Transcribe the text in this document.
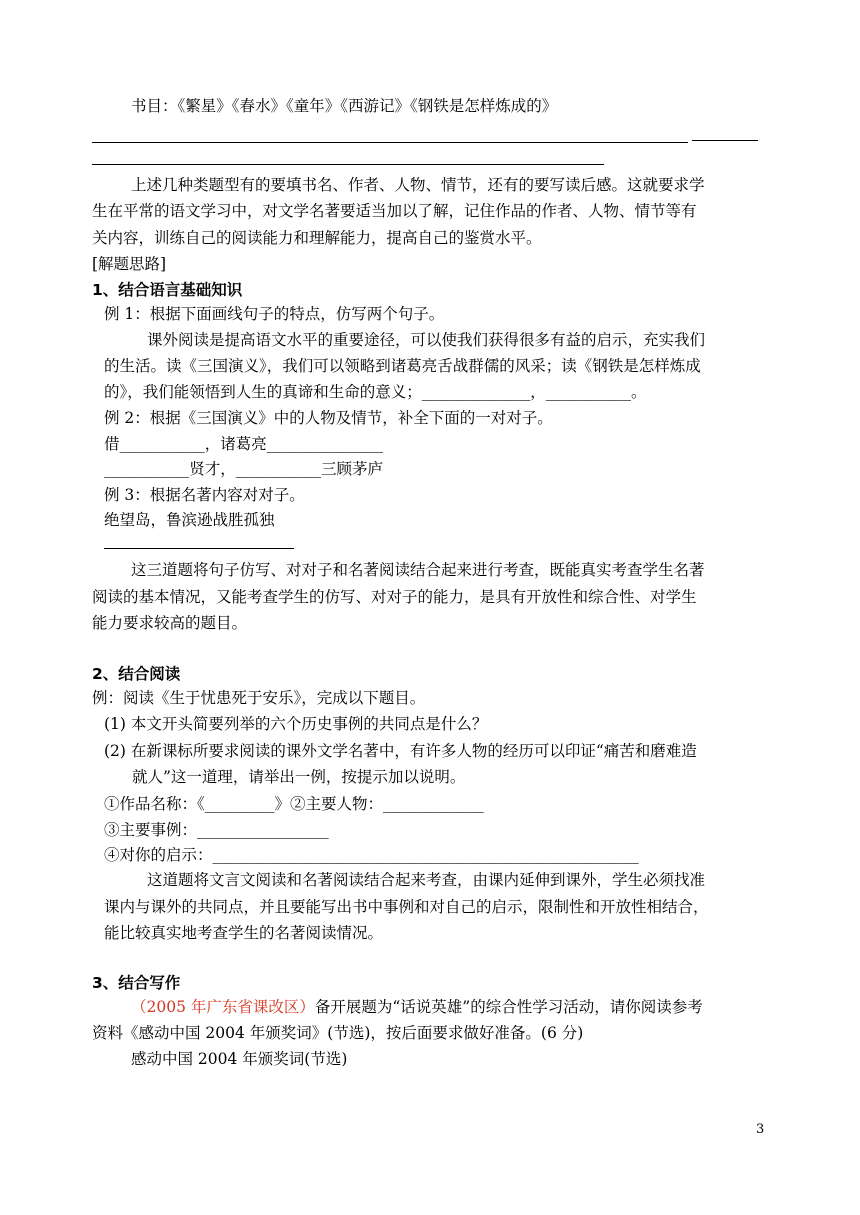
书目：《繁星》《春水》《童年》《西游记》《钢铁是怎样炼成的》
上述几种类题型有的要填书名、作者、人物、情节，还有的要写读后感。这就要求学
生在平常的语文学习中，对文学名著要适当加以了解，记住作品的作者、人物、情节等有
关内容，训练自己的阅读能力和理解能力，提高自己的鉴赏水平。
[解题思路]
1、结合语言基础知识
例 1：根据下面画线句子的特点，仿写两个句子。
课外阅读是提高语文水平的重要途径，可以使我们获得很多有益的启示，充实我们
的生活。读《三国演义》，我们可以领略到诸葛亮舌战群儒的风采；读《钢铁是怎样炼成
的》，我们能领悟到人生的真谛和生命的意义；______________，___________。
例 2：根据《三国演义》中的人物及情节，补全下面的一对对子。
借___________，诸葛亮_______________
___________贤才，___________三顾茅庐
例 3：根据名著内容对对子。
绝望岛，鲁滨逊战胜孤独
这三道题将句子仿写、对对子和名著阅读结合起来进行考查，既能真实考查学生名著
阅读的基本情况，又能考查学生的仿写、对对子的能力，是具有开放性和综合性、对学生
能力要求较高的题目。
2、结合阅读
例：阅读《生于忧患死于安乐》，完成以下题目。
(1) 本文开头简要列举的六个历史事例的共同点是什么？
(2) 在新课标所要求阅读的课外文学名著中，有许多人物的经历可以印证“痛苦和磨难造
就人”这一道理，请举出一例，按提示加以说明。
①作品名称：《_________》②主要人物：_____________
③主要事例：_________________
④对你的启示：_______________________________________________________
这道题将文言文阅读和名著阅读结合起来考查，由课内延伸到课外，学生必须找准
课内与课外的共同点，并且要能写出书中事例和对自己的启示，限制性和开放性相结合，
能比较真实地考查学生的名著阅读情况。
3、结合写作
（2005 年广东省课改区）备开展题为“话说英雄”的综合性学习活动，请你阅读参考
资料《感动中国 2004 年颁奖词》(节选)，按后面要求做好准备。(6 分)
感动中国 2004 年颁奖词(节选)
3
